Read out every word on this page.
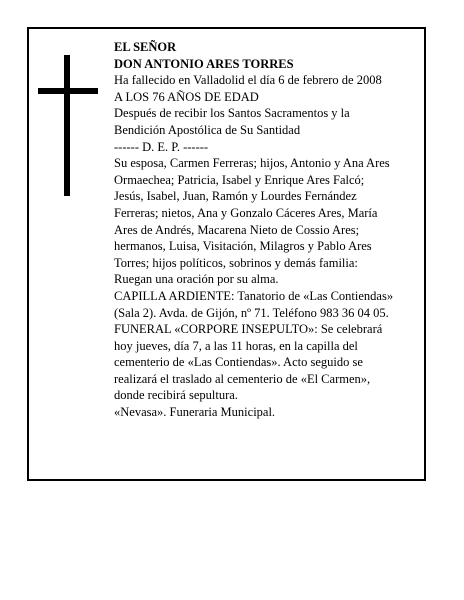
EL SEÑOR

DON ANTONIO ARES TORRES

Ha fallecido en Valladolid el día 6 de febrero de 2008

A LOS 76 AÑOS DE EDAD

Después de recibir los Santos Sacramentos y la

Bendición Apostólica de Su Santidad

------ D. E. P. ------

Su esposa, Carmen Ferreras; hijos, Antonio y Ana Ares

Ormaechea; Patricia, Isabel y Enrique Ares Falcó;

Jesús, Isabel, Juan, Ramón y Lourdes Fernández

Ferreras; nietos, Ana y Gonzalo Cáceres Ares, María

Ares de Andrés, Macarena Nieto de Cossio Ares;

hermanos, Luisa, Visitación, Milagros y Pablo Ares

Torres; hijos políticos, sobrinos y demás familia:

Ruegan una oración por su alma.

CAPILLA ARDIENTE: Tanatorio de «Las Contiendas»

(Sala 2). Avda. de Gijón, nº 71. Teléfono 983 36 04 05.

FUNERAL «CORPORE INSEPULTO»: Se celebrará

hoy jueves, día 7, a las 11 horas, en la capilla del

cementerio de «Las Contiendas». Acto seguido se

realizará el traslado al cementerio de «El Carmen»,

donde recibirá sepultura.

«Nevasa». Funeraria Municipal.
